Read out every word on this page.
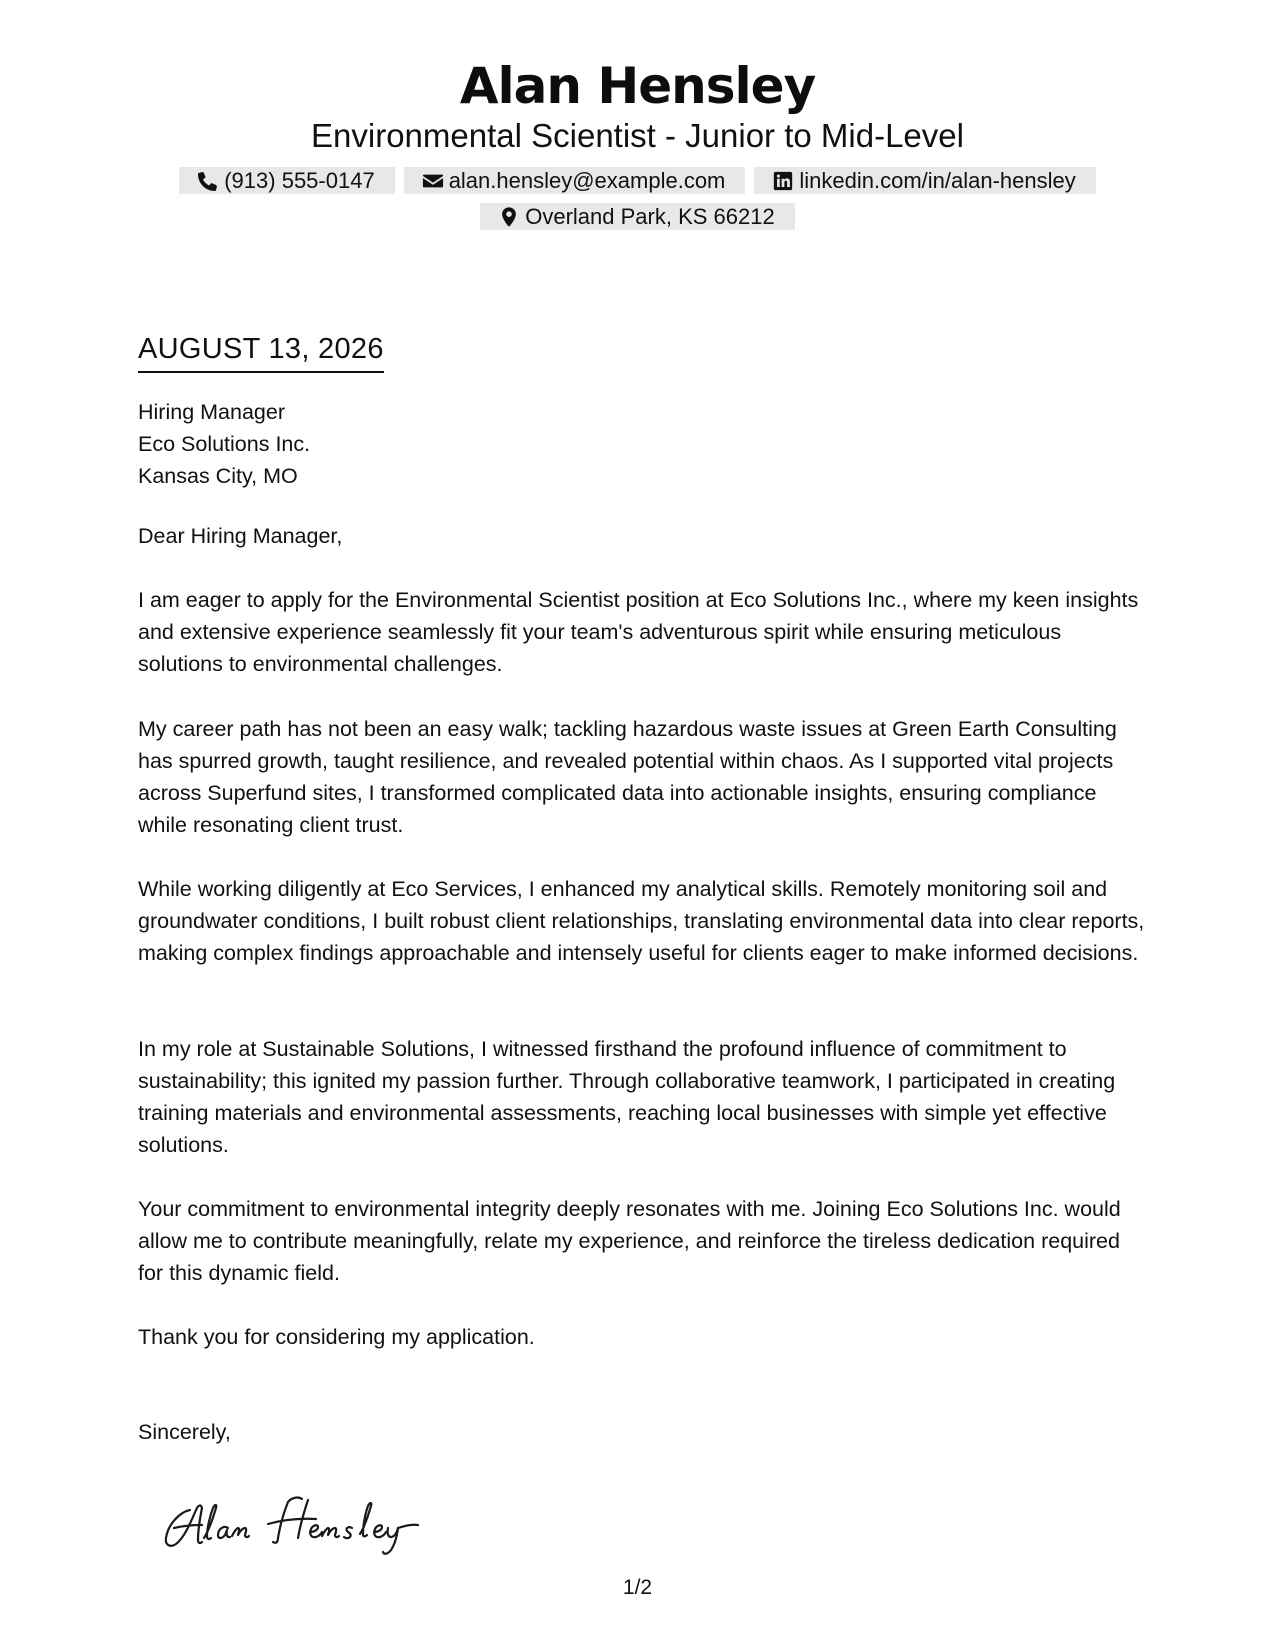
Alan Hensley
Environmental Scientist - Junior to Mid-Level
(913) 555-0147	alan.hensley@example.com	linkedin.com/in/alan-hensley
Overland Park, KS 66212
AUGUST 13, 2026
Hiring Manager
Eco Solutions Inc.
Kansas City, MO
Dear Hiring Manager,

I am eager to apply for the Environmental Scientist position at Eco Solutions Inc., where my keen insights and extensive experience seamlessly fit your team's adventurous spirit while ensuring meticulous solutions to environmental challenges.

My career path has not been an easy walk; tackling hazardous waste issues at Green Earth Consulting has spurred growth, taught resilience, and revealed potential within chaos. As I supported vital projects across Superfund sites, I transformed complicated data into actionable insights, ensuring compliance while resonating client trust.

While working diligently at Eco Services, I enhanced my analytical skills. Remotely monitoring soil and groundwater conditions, I built robust client relationships, translating environmental data into clear reports, making complex findings approachable and intensely useful for clients eager to make informed decisions.

In my role at Sustainable Solutions, I witnessed firsthand the profound influence of commitment to sustainability; this ignited my passion further. Through collaborative teamwork, I participated in creating training materials and environmental assessments, reaching local businesses with simple yet effective solutions.

Your commitment to environmental integrity deeply resonates with me. Joining Eco Solutions Inc. would allow me to contribute meaningfully, relate my experience, and reinforce the tireless dedication required for this dynamic field.

Thank you for considering my application.

Sincerely,
1/2
